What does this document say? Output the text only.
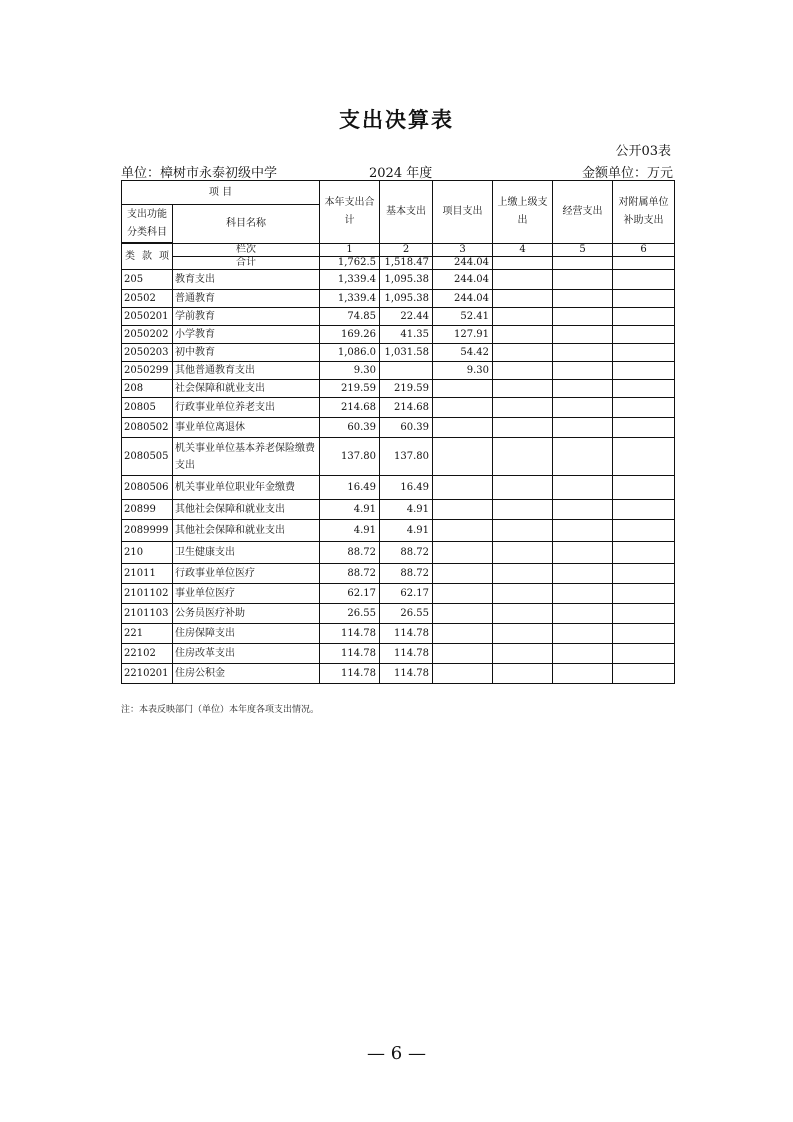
支出决算表
公开03表
单位：樟树市永泰初级中学	2024 年度	金额单位：万元
项 目		本年支出合计	基本支出	项目支出	上缴上级支出	经营支出	对附属单位补助支出
支出功能分类科目	科目名称						

类 款 项	栏次	1	2	3	4	5	6
	合计	1,762.5	1,518.47	244.04			
205	教育支出	1,339.4	1,095.38	244.04			
20502	普通教育	1,339.4	1,095.38	244.04			
2050201	学前教育	74.85	22.44	52.41			
2050202	小学教育	169.26	41.35	127.91			
2050203	初中教育	1,086.0	1,031.58	54.42			
2050299	其他普通教育支出	9.30		9.30			
208	社会保障和就业支出	219.59	219.59				
20805	行政事业单位养老支出	214.68	214.68				
2080502	事业单位离退休	60.39	60.39				
2080505	机关事业单位基本养老保险缴费支出	137.80	137.80				
2080506	机关事业单位职业年金缴费	16.49	16.49				
20899	其他社会保障和就业支出	4.91	4.91				
2089999	其他社会保障和就业支出	4.91	4.91				
210	卫生健康支出	88.72	88.72				
21011	行政事业单位医疗	88.72	88.72				
2101102	事业单位医疗	62.17	62.17				
2101103	公务员医疗补助	26.55	26.55				
221	住房保障支出	114.78	114.78				
22102	住房改革支出	114.78	114.78				
2210201	住房公积金	114.78	114.78				
注：本表反映部门（单位）本年度各项支出情况。
— 6 —
